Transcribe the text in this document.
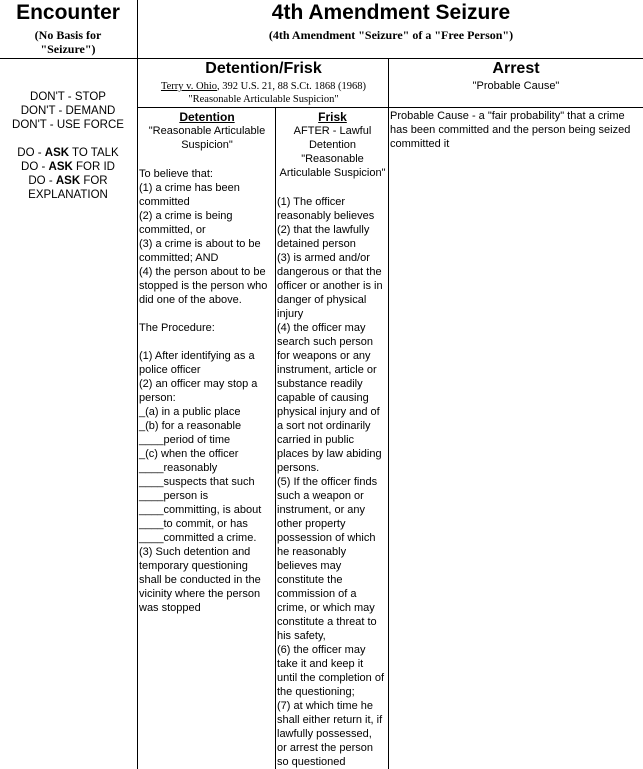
Encounter
(No Basis for
"Seizure")
4th Amendment Seizure
(4th Amendment "Seizure" of a "Free Person")
DON'T - STOP
DON'T - DEMAND
DON'T - USE FORCE
DO - ASK TO TALK
DO - ASK FOR ID
DO - ASK FOR
EXPLANATION
Detention/Frisk
Terry v. Ohio, 392 U.S. 21, 88 S.Ct. 1868 (1968)
"Reasonable Articulable Suspicion"
Arrest
"Probable Cause"
Detention
"Reasonable Articulable
Suspicion"
Frisk
AFTER - Lawful
Detention
"Reasonable
Articulable Suspicion"
To believe that:
(1) a crime has been
committed
(2) a crime is being
committed, or
(3) a crime is about to be
committed; AND
(4) the person about to be
stopped is the person who
did one of the above.
The Procedure:
(1) After identifying as a
police officer
(2) an officer may stop a
person:
_(a) in a public place
_(b) for a reasonable
____period of time
_(c) when the officer
____reasonably
____suspects that such
____person is
____committing, is about
____to commit, or has
____committed a crime.
(3) Such detention and
temporary questioning
shall be conducted in the
vicinity where the person
was stopped
(1) The officer
reasonably believes
(2) that the lawfully
detained person
(3) is armed and/or
dangerous or that the
officer or another is in
danger of physical
injury
(4) the officer may
search such person
for weapons or any
instrument, article or
substance readily
capable of causing
physical injury and of
a sort not ordinarily
carried in public
places by law abiding
persons.
(5) If the officer finds
such a weapon or
instrument, or any
other property
possession of which
he reasonably
believes may
constitute the
commission of a
crime, or which may
constitute a threat to
his safety,
(6) the officer may
take it and keep it
until the completion of
the questioning;
(7) at which time he
shall either return it, if
lawfully possessed,
or arrest the person
so questioned
Probable Cause - a "fair probability" that a crime
has been committed and the person being seized
committed it
